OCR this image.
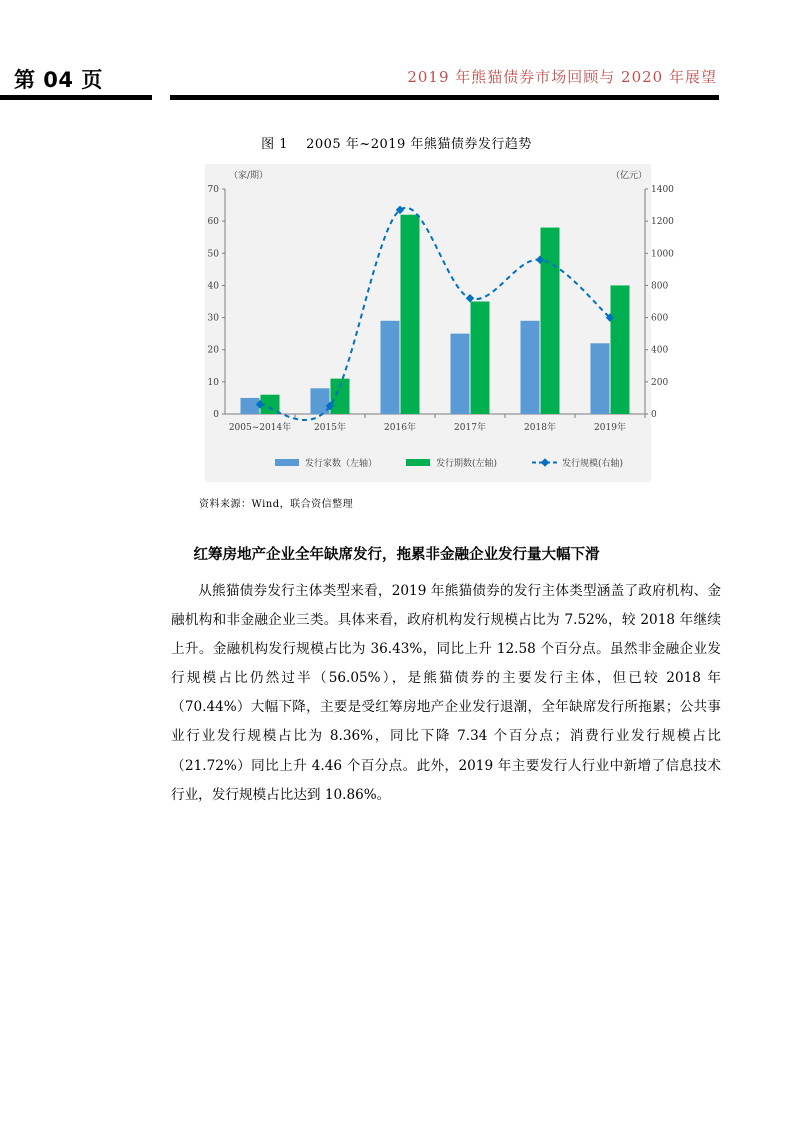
第 04 页	2019 年熊猫债券市场回顾与 2020 年展望
图 1　 2005 年~2019 年熊猫债券发行趋势
0
10
20
30
40
50
60
70
0
200
400
600
800
1000
1200
1400
（家/期）	（亿元）
2005~2014年	2015年	2016年	2017年	2018年	2019年
发行家数（左轴）	发行期数(左轴)	发行规模(右轴)
资料来源：Wind，联合资信整理
红筹房地产企业全年缺席发行，拖累非金融企业发行量大幅下滑
从熊猫债券发行主体类型来看，2019 年熊猫债券的发行主体类型涵盖了政府机构、金融机构和非金融企业三类。具体来看，政府机构发行规模占比为 7.52%，较 2018 年继续上升。金融机构发行规模占比为 36.43%，同比上升 12.58 个百分点。虽然非金融企业发行规模占比仍然过半（56.05%），是熊猫债券的主要发行主体，但已较 2018 年（70.44%）大幅下降，主要是受红筹房地产企业发行退潮，全年缺席发行所拖累；公共事业行业发行规模占比为 8.36%，同比下降 7.34 个百分点；消费行业发行规模占比（21.72%）同比上升 4.46 个百分点。此外，2019 年主要发行人行业中新增了信息技术行业，发行规模占比达到 10.86%。
